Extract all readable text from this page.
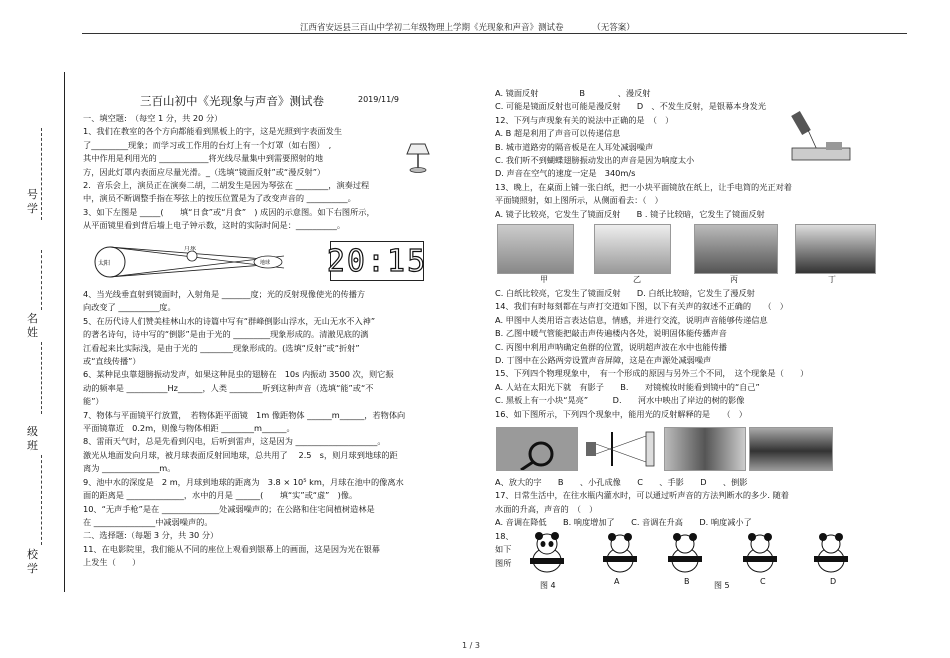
江西省安远县三百山中学初二年级物理上学期《光现象和声音》测试卷	（无答案）
号
学
名
姓
级
班
校
学
三百山初中《光现象与声音》测试卷	2019/11/9

一、填空题:　（每空 1 分，共 20 分）

1、我们在教室的各个方向都能看到黑板上的字，这是光照到字表面发生

了_________现象；而学习或工作用的台灯上有一个灯罩（如右图）　,

其中作用是利用光的 ____________将光线尽量集中到需要照射的地

方，因此灯罩内表面应尽量光滑。_（选填“镜面反射”或“漫反射”）

2．音乐会上，演员正在演奏二胡，二胡发生是因为琴弦在 ________，演奏过程

中，演员不断调整手指在琴弦上的按压位置是为了改变声音的 __________。

3、如下左图是 _____(　　填“日食”或“月食”　) 成因的示意图。如下右图所示，

从平面镜里看到背后墙上电子钟示数，这时的实际时间是：__________。

太阳
月球
地球 20:15

4、当光线垂直射到镜面时，入射角是 _______度；光的反射现像使光的传播方

向改变了 __________度。

5、在历代诗人们赞美桂林山水的诗篇中写有“群峰倒影山浮水，无山无水不入神”

的著名诗句，诗中写的“倒影”是由于光的 _________现象形成的。清澈见底的漓

江看起来比实际浅，是由于光的 ________现象形成的。(选填“反射”或“折射”

或“直线传播”）

6、某种昆虫靠翅膀振动发声，如果这种昆虫的翅膀在　10s 内振动 3500 次，则它振

动的频率是 __________Hz______，人类 ________听到这种声音（选填“能”或“不

能”）

7、物体与平面镜平行放置，　若物体距平面镜　1m 像距物体 ______m______，若物体向

平面镜靠近　0.2m，则像与物体相距 ________m______。

8、雷雨天气时，总是先看到闪电，后听到雷声，这是因为 ____________________。

激光从地面发向月球，被月球表面反射回地球，总共用了　 2.5　s，则月球到地球的距

离为 ______________m。

9、池中水的深度是　2 m，月球到地球的距离为　3.8 × 10⁵ km，月球在池中的像离水

面的距离是 ______________，水中的月是 ______(　　填“实”或“虚”　)像。

10、“无声手枪”是在 ______________处减弱噪声的；在公路和住宅间植树造林是

在 _______________中减弱噪声的。

二、选择题:（每题 3 分，共 30 分）

11、在电影院里，我们能从不同的座位上观看到银幕上的画面，这是因为光在银幕

上发生（　　）

A. 镜面反射　　　　　B　　　　、漫反射

C. 可能是镜面反射也可能是漫反射　　D　、不发生反射，是银幕本身发光

12、下列与声现象有关的说法中正确的是　（　）

A. B 超是利用了声音可以传递信息

B. 城市道路旁的隔音板是在人耳处减弱噪声

C. 我们听不到蝴蝶翅膀振动发出的声音是因为响度太小

D. 声音在空气的速度一定是　340m/s

13、晚上，在桌面上铺一张白纸，把一小块平面镜放在纸上，让手电筒的光正对着

平面镜照射，如上图所示，从侧面看去：（　）

A. 镜子比较亮，它发生了镜面反射　　B . 镜子比较暗，它发生了镜面反射

甲	乙	丙	丁

C. 白纸比较亮，它发生了镜面反射　　D. 白纸比较暗，它发生了漫反射

14、我们有时每刻都在与声打交道如下图，以下有关声的叙述不正确的　　（　）

A. 甲图中人类用语言表达信息，情感，并进行交流，说明声音能够传递信息

B. 乙图中暖气管能把敲击声传遍楼内各处，说明固体能传播声音

C. 丙图中利用声呐确定鱼群的位置，说明超声波在水中也能传播

D. 丁图中在公路两旁设置声音屏障，这是在声源处减弱噪声

15、下列四个物理现象中，　有一个形成的原因与另外三个不同，　这个现象是（　　）

A. 人站在太阳光下就　有影子　　B.　　对镜梳妆时能看到镜中的“自己”

C. 黑板上有一小块“晃亮”　　　D.　　河水中映出了岸边的树的影像

16、如下图所示，下列四个现象中，能用光的反射解释的是　　（　）

A、放大的字　　B　　、小孔成像　　C　　、手影　　D　　、倒影

17、日常生活中，在往水瓶内灌水时，可以通过听声音的方法判断水的多少. 随着

水面的升高，声音的　（　）

A. 音调在降低　　B. 响度增加了　　C. 音调在升高　　D. 响度减小了

18、

如下

图所

图 4	A	B	图 5	C	D
1 / 3
